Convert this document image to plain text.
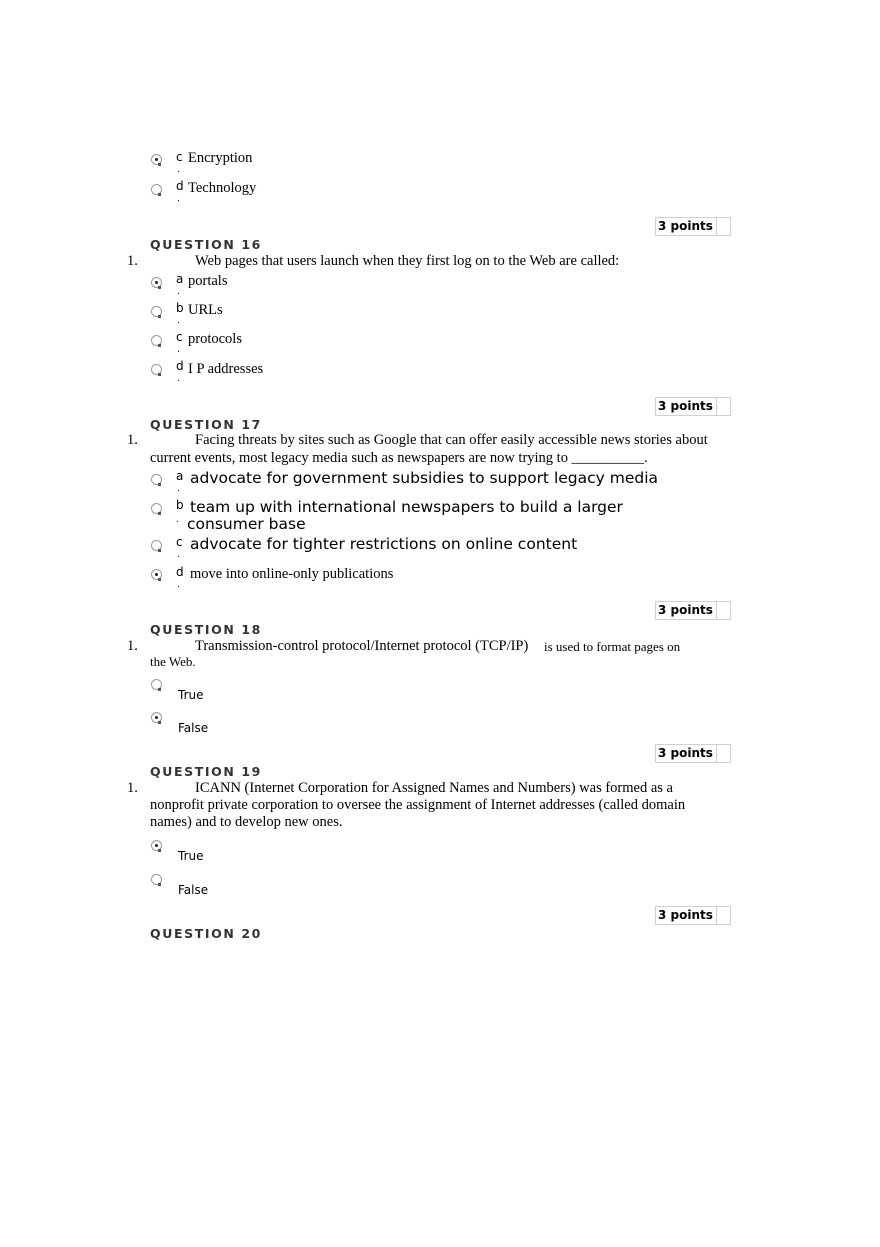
c
.
Encryption
d
.
Technology
3 points
QUESTION 16
1.	Web pages that users launch when they first log on to the Web are called:
a
.
portals
b
.
URLs
c
.
protocols
d
.
I P addresses
3 points
QUESTION 17
1.	Facing threats by sites such as Google that can offer easily accessible news stories about
current events, most legacy media such as newspapers are now trying to __________.
a
.
advocate for government subsidies to support legacy media
b
.
team up with international newspapers to build a larger
consumer base
c
.
advocate for tighter restrictions on online content
d
.
move into online-only publications
3 points
QUESTION 18
1.	Transmission-control protocol/Internet protocol (TCP/IP) is used to format pages on
the Web.
True
False
3 points
QUESTION 19
1.	ICANN (Internet Corporation for Assigned Names and Numbers) was formed as a
nonprofit private corporation to oversee the assignment of Internet addresses (called domain
names) and to develop new ones.
True
False
3 points
QUESTION 20
